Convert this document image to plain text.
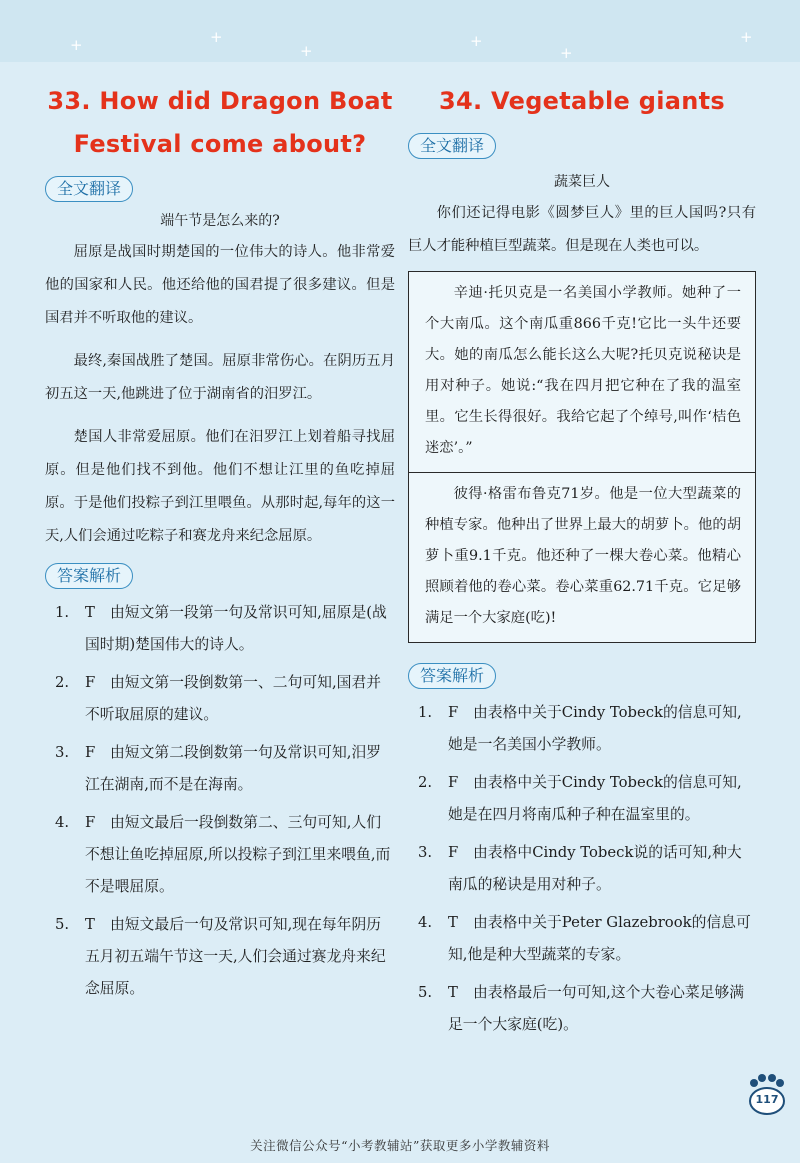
+	+
+
+
+
+
33. How did Dragon Boat
Festival come about?
全文翻译
端午节是怎么来的?

屈原是战国时期楚国的一位伟大的诗人。他非常爱他的国家和人民。他还给他的国君提了很多建议。但是国君并不听取他的建议。

最终,秦国战胜了楚国。屈原非常伤心。在阴历五月初五这一天,他跳进了位于湖南省的汨罗江。

楚国人非常爱屈原。他们在汨罗江上划着船寻找屈原。但是他们找不到他。他们不想让江里的鱼吃掉屈原。于是他们投粽子到江里喂鱼。从那时起,每年的这一天,人们会通过吃粽子和赛龙舟来纪念屈原。

答案解析
1. T 由短文第一段第一句及常识可知,屈原是(战国时期)楚国伟大的诗人。
2. F 由短文第一段倒数第一、二句可知,国君并不听取屈原的建议。
3. F 由短文第二段倒数第一句及常识可知,汨罗江在湖南,而不是在海南。
4. F 由短文最后一段倒数第二、三句可知,人们不想让鱼吃掉屈原,所以投粽子到江里来喂鱼,而不是喂屈原。
5. T 由短文最后一句及常识可知,现在每年阴历五月初五端午节这一天,人们会通过赛龙舟来纪念屈原。
34. Vegetable giants
全文翻译
蔬菜巨人

你们还记得电影《圆梦巨人》里的巨人国吗?只有巨人才能种植巨型蔬菜。但是现在人类也可以。

辛迪·托贝克是一名美国小学教师。她种了一个大南瓜。这个南瓜重866千克!它比一头牛还要大。她的南瓜怎么能长这么大呢?托贝克说秘诀是用对种子。她说:“我在四月把它种在了我的温室里。它生长得很好。我给它起了个绰号,叫作‘桔色迷恋’。”

彼得·格雷布鲁克71岁。他是一位大型蔬菜的种植专家。他种出了世界上最大的胡萝卜。他的胡萝卜重9.1千克。他还种了一棵大卷心菜。他精心照顾着他的卷心菜。卷心菜重62.71千克。它足够满足一个大家庭(吃)!

答案解析
1. F 由表格中关于Cindy Tobeck的信息可知,她是一名美国小学教师。
2. F 由表格中关于Cindy Tobeck的信息可知,她是在四月将南瓜种子种在温室里的。
3. F 由表格中Cindy Tobeck说的话可知,种大南瓜的秘诀是用对种子。
4. T 由表格中关于Peter Glazebrook的信息可知,他是种大型蔬菜的专家。
5. T 由表格最后一句可知,这个大卷心菜足够满足一个大家庭(吃)。
117
关注微信公众号“小考教辅站”获取更多小学教辅资料
